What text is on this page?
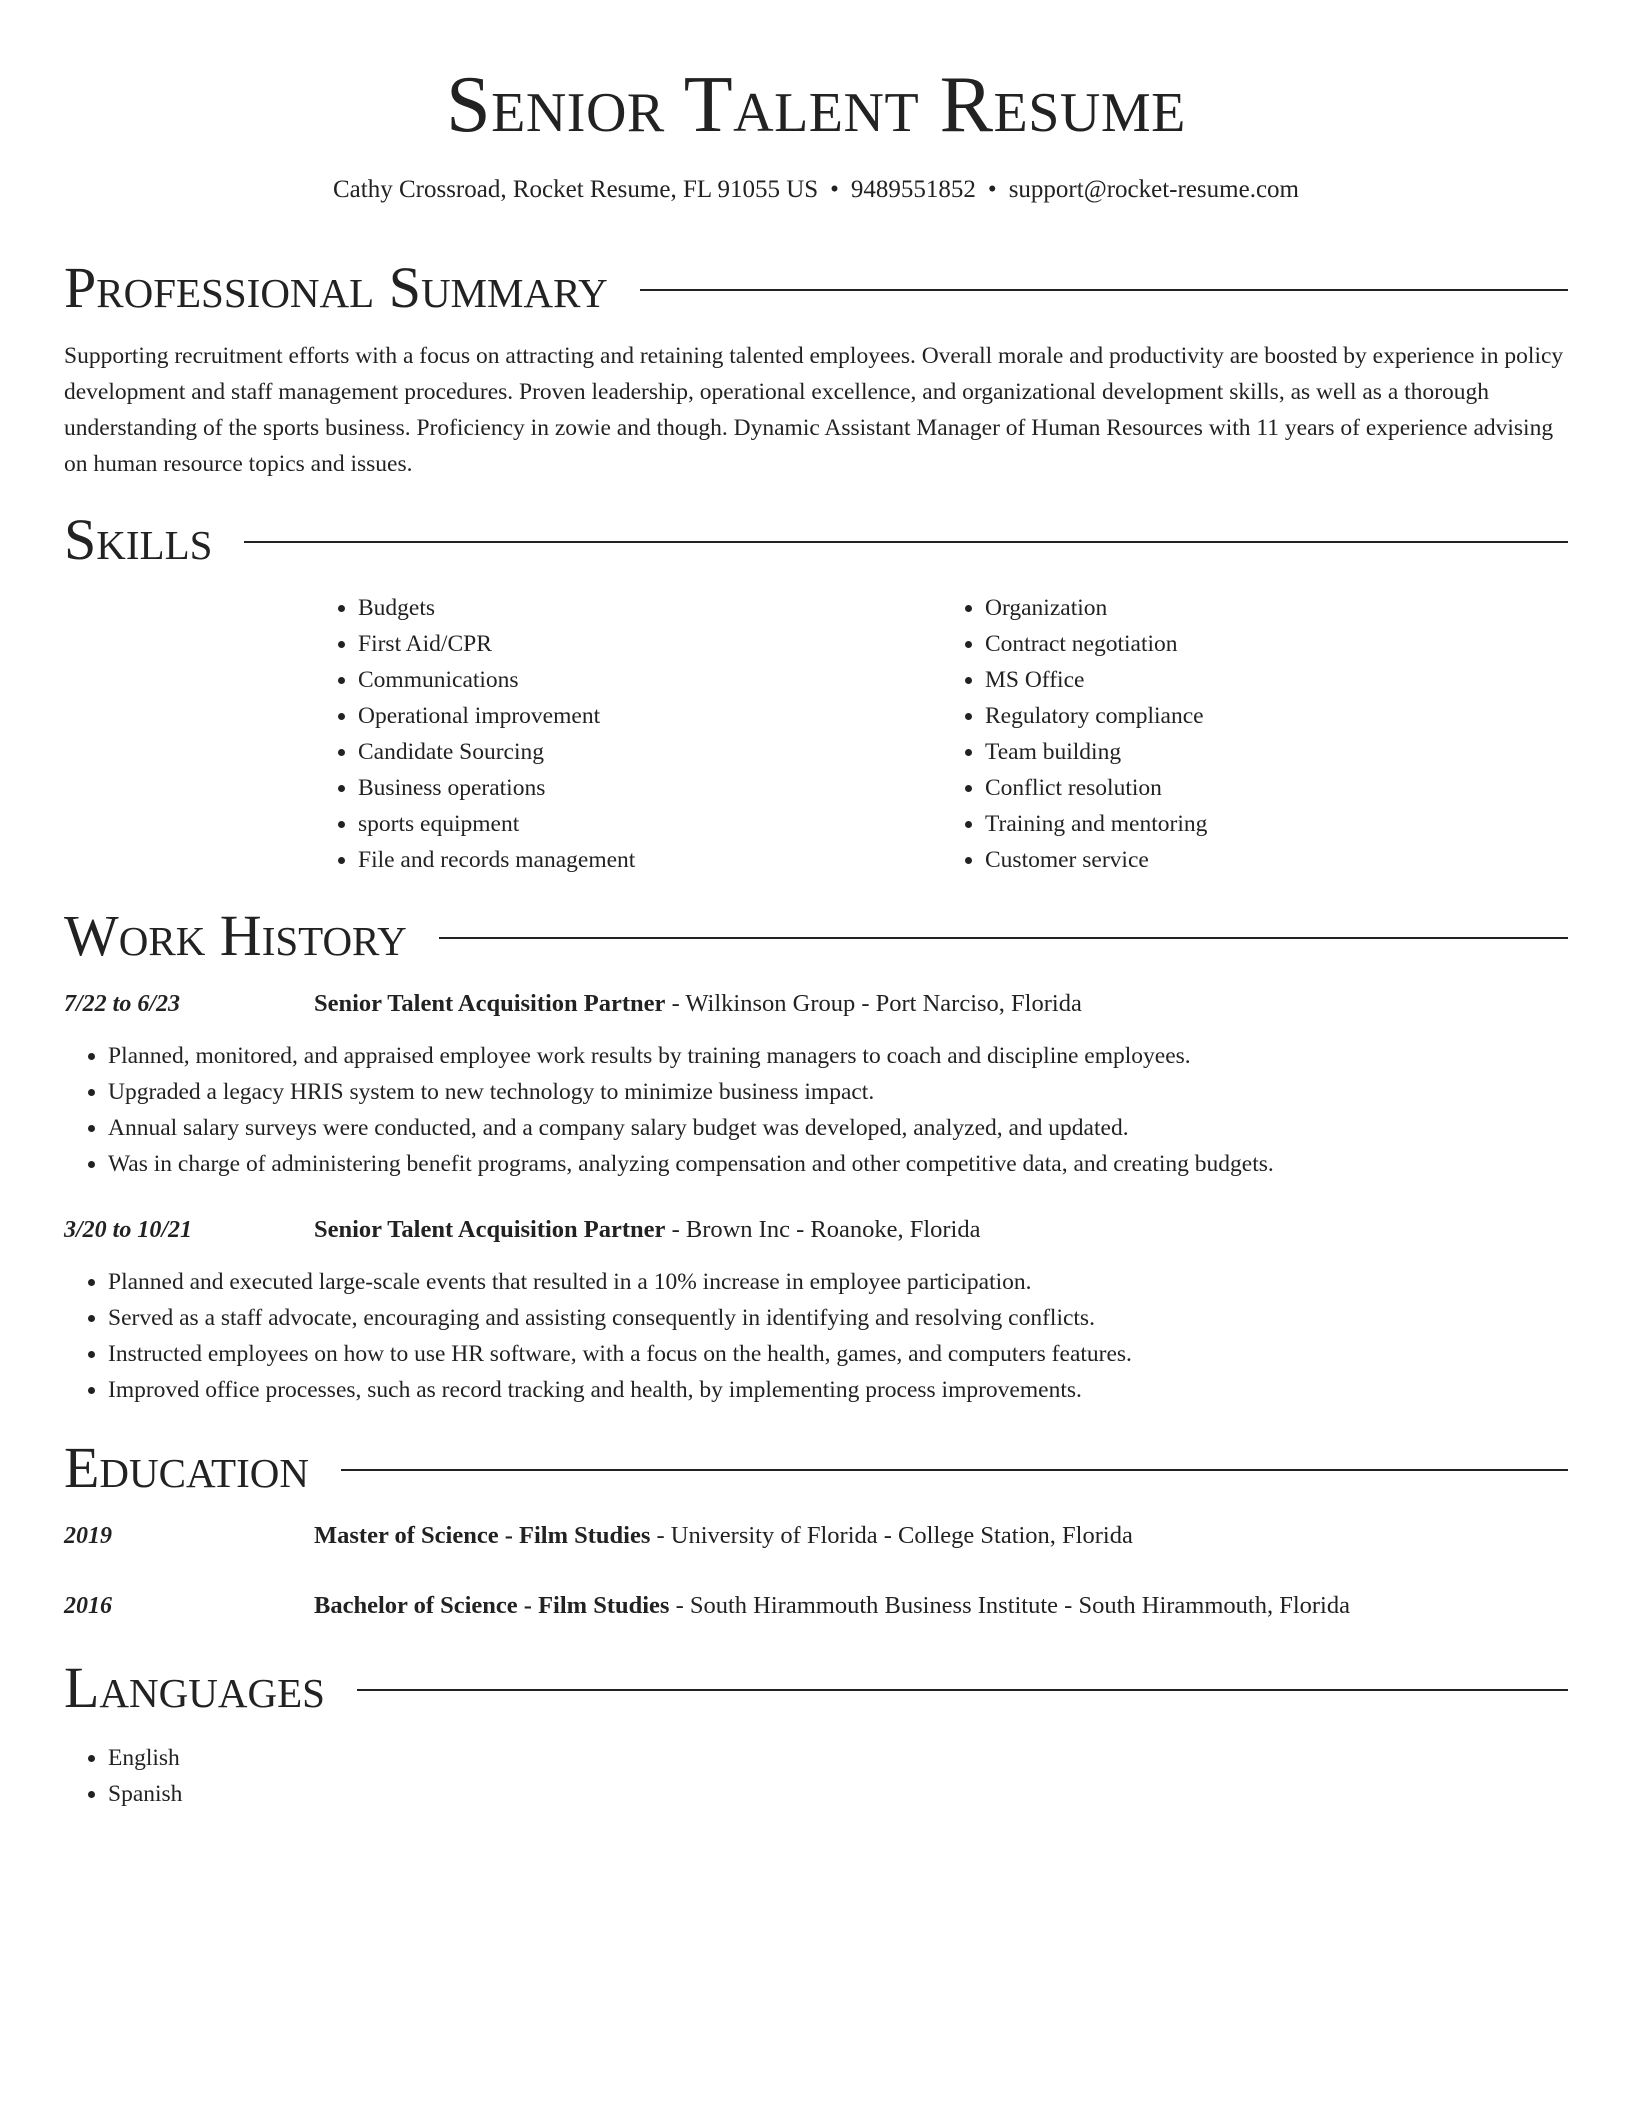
Senior Talent Resume
Cathy Crossroad, Rocket Resume, FL 91055 US • 9489551852 • support@rocket-resume.com
Professional Summary

Supporting recruitment efforts with a focus on attracting and retaining talented employees. Overall morale and productivity are boosted by experience in policy development and staff management procedures. Proven leadership, operational excellence, and organizational development skills, as well as a thorough understanding of the sports business. Proficiency in zowie and though. Dynamic Assistant Manager of Human Resources with 11 years of experience advising on human resource topics and issues.

Skills
• Budgets
• First Aid/CPR
• Communications
• Operational improvement
• Candidate Sourcing
• Business operations
• sports equipment
• File and records management
• Organization
• Contract negotiation
• MS Office
• Regulatory compliance
• Team building
• Conflict resolution
• Training and mentoring
• Customer service
Work History
7/22 to 6/23	Senior Talent Acquisition Partner - Wilkinson Group - Port Narciso, Florida
• Planned, monitored, and appraised employee work results by training managers to coach and discipline employees.
• Upgraded a legacy HRIS system to new technology to minimize business impact.
• Annual salary surveys were conducted, and a company salary budget was developed, analyzed, and updated.
• Was in charge of administering benefit programs, analyzing compensation and other competitive data, and creating budgets.
3/20 to 10/21	Senior Talent Acquisition Partner - Brown Inc - Roanoke, Florida
• Planned and executed large-scale events that resulted in a 10% increase in employee participation.
• Served as a staff advocate, encouraging and assisting consequently in identifying and resolving conflicts.
• Instructed employees on how to use HR software, with a focus on the health, games, and computers features.
• Improved office processes, such as record tracking and health, by implementing process improvements.
Education
2019	Master of Science - Film Studies - University of Florida - College Station, Florida
2016	Bachelor of Science - Film Studies - South Hirammouth Business Institute - South Hirammouth, Florida
Languages
• English
• Spanish
